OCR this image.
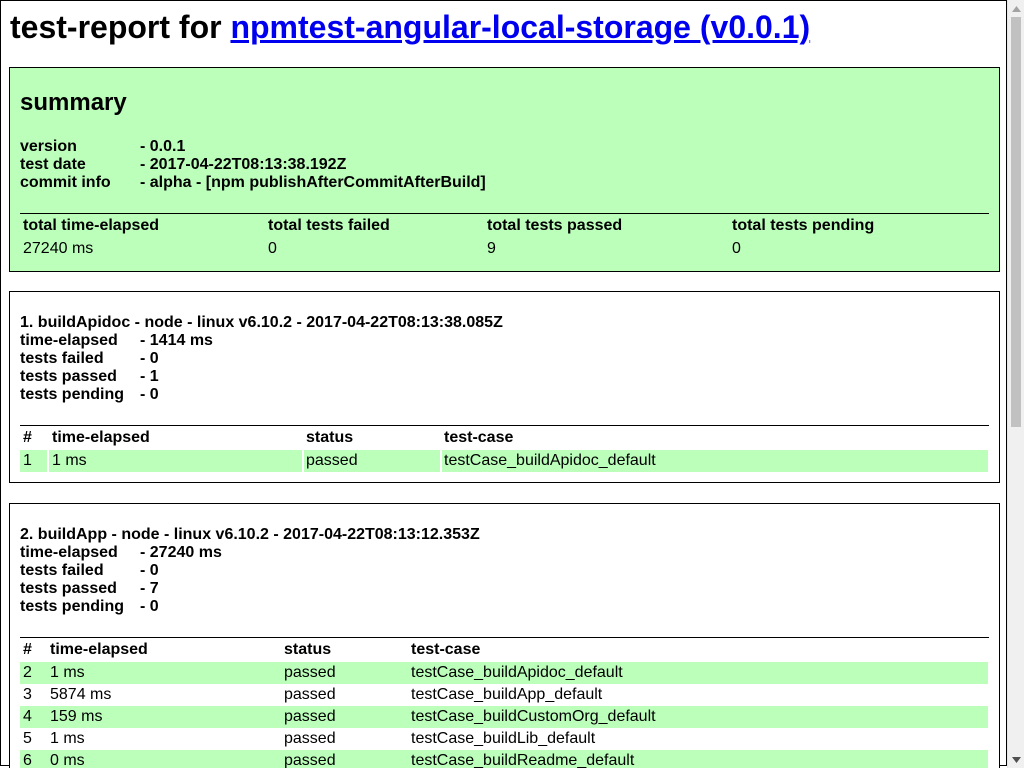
test-report for npmtest-angular-local-storage (v0.0.1)
summary
version	- 0.0.1
test date	- 2017-04-22T08:13:38.192Z
commit info	- alpha - [npm publishAfterCommitAfterBuild]
total time-elapsed	total tests failed	total tests passed	total tests pending
27240 ms	0	9	0
1. buildApidoc - node - linux v6.10.2 - 2017-04-22T08:13:38.085Z
time-elapsed	- 1414 ms
tests failed	- 0
tests passed	- 1
tests pending - 0
# time-elapsed	status	test-case
1	1 ms	passed	testCase_buildApidoc_default
2. buildApp - node - linux v6.10.2 - 2017-04-22T08:13:12.353Z
time-elapsed	- 27240 ms
tests failed	- 0
tests passed	- 7
tests pending - 0
# time-elapsed	status	test-case
2 1 ms	passed	testCase_buildApidoc_default
3 5874 ms	passed	testCase_buildApp_default
4 159 ms	passed	testCase_buildCustomOrg_default
5 1 ms	passed	testCase_buildLib_default
6 0 ms	passed	testCase_buildReadme_default
